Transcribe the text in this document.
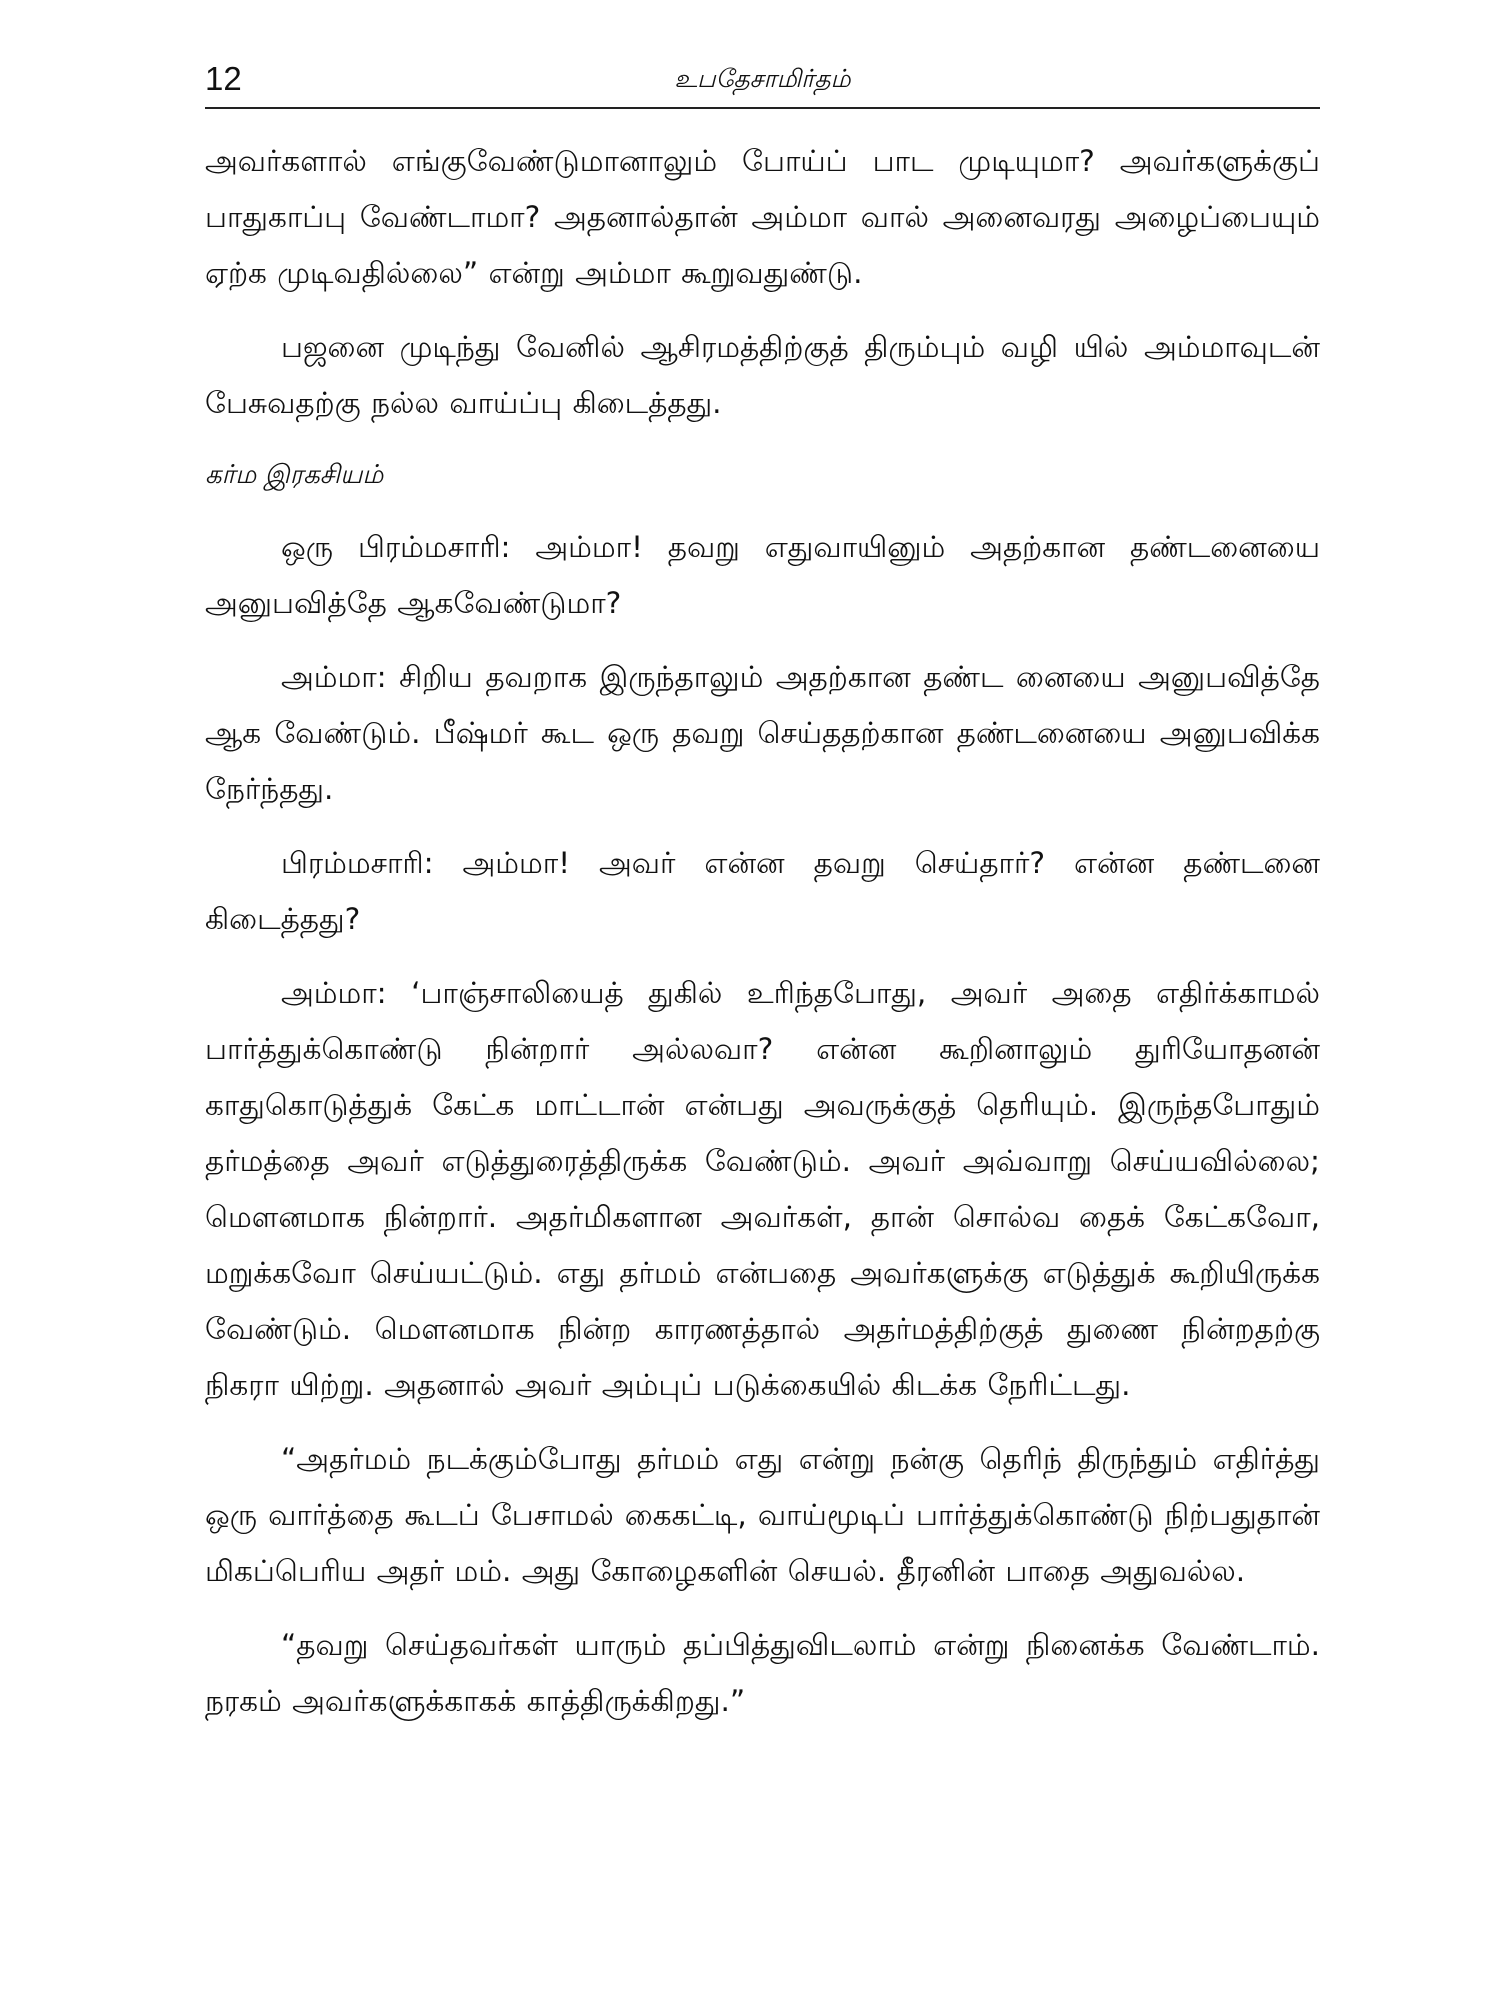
12	உபதேசாமிர்தம்

அவர்களால் எங்குவேண்டுமானாலும் போய்ப் பாட முடியுமா? அவர்களுக்குப் பாதுகாப்பு வேண்டாமா? அதனால்தான் அம்மா வால் அனைவரது அழைப்பையும் ஏற்க முடிவதில்லை” என்று அம்மா கூறுவதுண்டு.

பஜனை முடிந்து வேனில் ஆசிரமத்திற்குத் திரும்பும் வழி யில் அம்மாவுடன் பேசுவதற்கு நல்ல வாய்ப்பு கிடைத்தது.

கர்ம இரகசியம்

ஒரு பிரம்மசாரி: அம்மா! தவறு எதுவாயினும் அதற்கான தண்டனையை அனுபவித்தே ஆகவேண்டுமா?

அம்மா: சிறிய தவறாக இருந்தாலும் அதற்கான தண்ட னையை அனுபவித்தே ஆக வேண்டும். பீஷ்மர் கூட ஒரு தவறு செய்ததற்கான தண்டனையை அனுபவிக்க நேர்ந்தது.

பிரம்மசாரி: அம்மா! அவர் என்ன தவறு செய்தார்? என்ன தண்டனை கிடைத்தது?

அம்மா: ‘பாஞ்சாலியைத் துகில் உரிந்தபோது, அவர் அதை எதிர்க்காமல் பார்த்துக்கொண்டு நின்றார் அல்லவா? என்ன கூறினாலும் துரியோதனன் காதுகொடுத்துக் கேட்க மாட்டான் என்பது அவருக்குத் தெரியும். இருந்தபோதும் தர்மத்தை அவர் எடுத்துரைத்திருக்க வேண்டும். அவர் அவ்வாறு செய்யவில்லை; மௌனமாக நின்றார். அதர்மிகளான அவர்கள், தான் சொல்வ தைக் கேட்கவோ, மறுக்கவோ செய்யட்டும். எது தர்மம் என்பதை அவர்களுக்கு எடுத்துக் கூறியிருக்க வேண்டும். மௌனமாக நின்ற காரணத்தால் அதர்மத்திற்குத் துணை நின்றதற்கு நிகரா யிற்று. அதனால் அவர் அம்புப் படுக்கையில் கிடக்க நேரிட்டது.

“அதர்மம் நடக்கும்போது தர்மம் எது என்று நன்கு தெரிந் திருந்தும் எதிர்த்து ஒரு வார்த்தை கூடப் பேசாமல் கைகட்டி, வாய்மூடிப் பார்த்துக்கொண்டு நிற்பதுதான் மிகப்பெரிய அதர் மம். அது கோழைகளின் செயல். தீரனின் பாதை அதுவல்ல.

“தவறு செய்தவர்கள் யாரும் தப்பித்துவிடலாம் என்று நினைக்க வேண்டாம். நரகம் அவர்களுக்காகக் காத்திருக்கிறது.”
